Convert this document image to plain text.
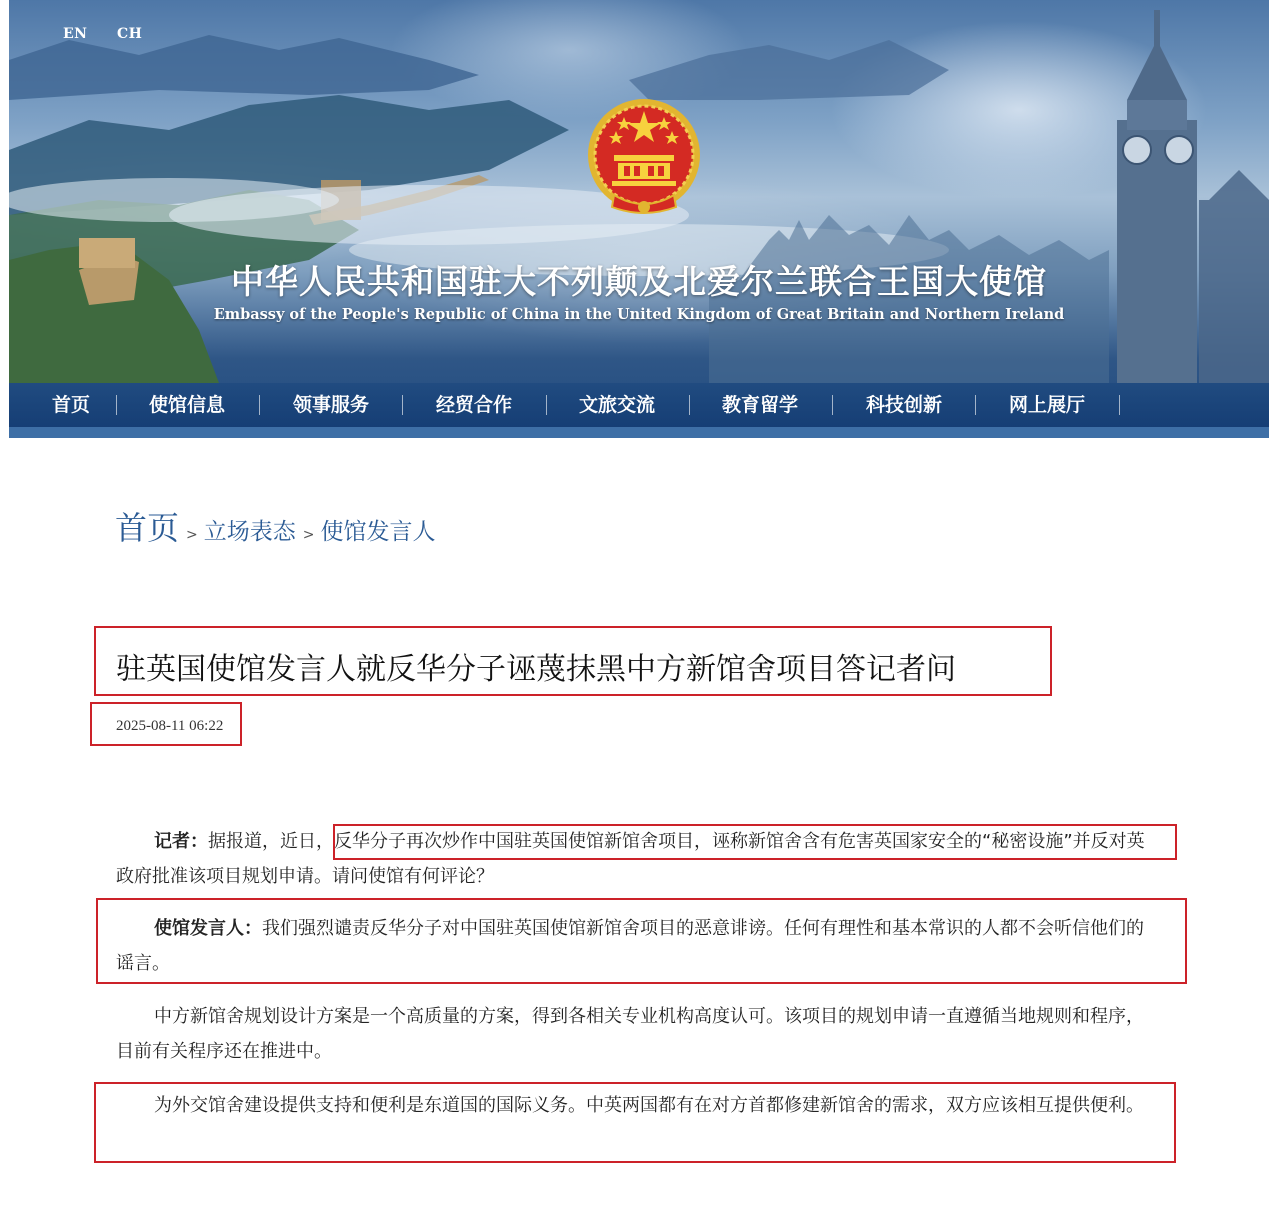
EN CH
中华人民共和国驻大不列颠及北爱尔兰联合王国大使馆
Embassy of the People's Republic of China in the United Kingdom of Great Britain and Northern Ireland
首页	使馆信息	领事服务	经贸合作	文旅交流	教育留学	科技创新	网上展厅
首页 > 立场表态 > 使馆发言人
驻英国使馆发言人就反华分子诬蔑抹黑中方新馆舍项目答记者问
2025-08-11 06:22
记者：据报道，近日，反华分子再次炒作中国驻英国使馆新馆舍项目，诬称新馆舍含有危害英国家安全的“秘密设施”并反对英政府批准该项目规划申请。请问使馆有何评论？
使馆发言人：我们强烈谴责反华分子对中国驻英国使馆新馆舍项目的恶意诽谤。任何有理性和基本常识的人都不会听信他们的谣言。
中方新馆舍规划设计方案是一个高质量的方案，得到各相关专业机构高度认可。该项目的规划申请一直遵循当地规则和程序，目前有关程序还在推进中。
为外交馆舍建设提供支持和便利是东道国的国际义务。中英两国都有在对方首都修建新馆舍的需求，双方应该相互提供便利。
